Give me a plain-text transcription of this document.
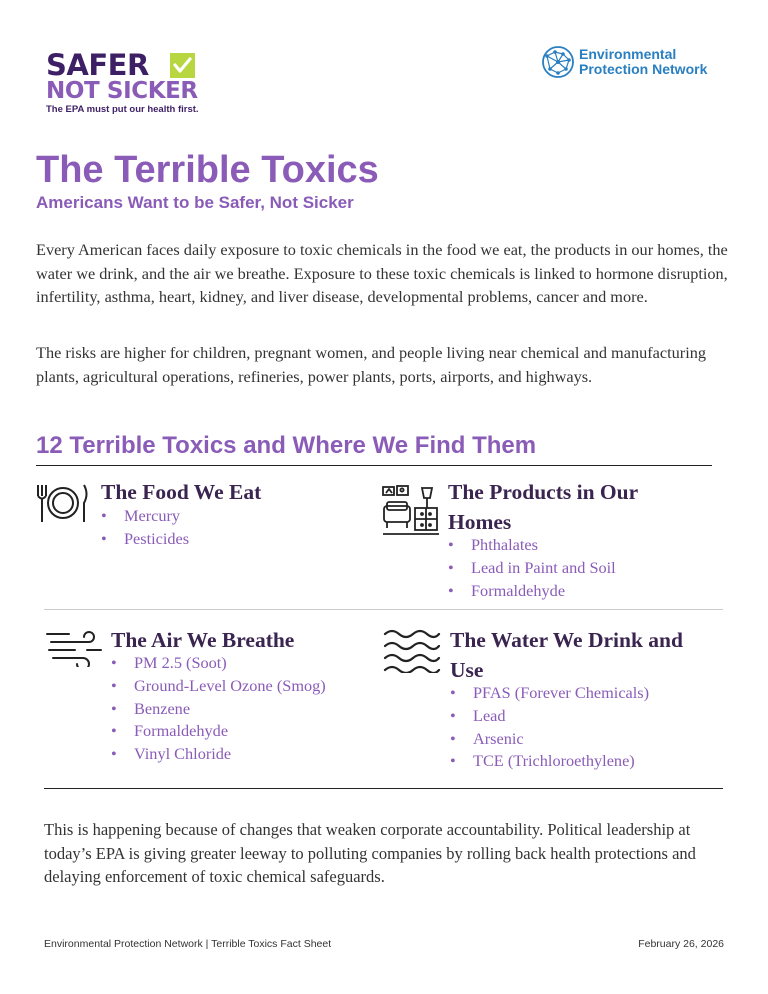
SAFER
NOT SICKER
The EPA must put our health first.
Environmental
Protection Network
The Terrible Toxics
Americans Want to be Safer, Not Sicker

Every American faces daily exposure to toxic chemicals in the food we eat, the products in our homes, the water we drink, and the air we breathe. Exposure to these toxic chemicals is linked to hormone disruption, infertility, asthma, heart, kidney, and liver disease, developmental problems, cancer and more.

The risks are higher for children, pregnant women, and people living near chemical and manufacturing plants, agricultural operations, refineries, power plants, ports, airports, and highways.

12 Terrible Toxics and Where We Find Them
The Food We Eat
• Mercury
• Pesticides
The Products in Our Homes
• Phthalates
• Lead in Paint and Soil
• Formaldehyde
The Air We Breathe
• PM 2.5 (Soot)
• Ground-Level Ozone (Smog)
• Benzene
• Formaldehyde
• Vinyl Chloride
The Water We Drink and Use
• PFAS (Forever Chemicals)
• Lead
• Arsenic
• TCE (Trichloroethylene)

This is happening because of changes that weaken corporate accountability. Political leadership at today’s EPA is giving greater leeway to polluting companies by rolling back health protections and delaying enforcement of toxic chemical safeguards.

Environmental Protection Network | Terrible Toxics Fact Sheet	February 26, 2026
